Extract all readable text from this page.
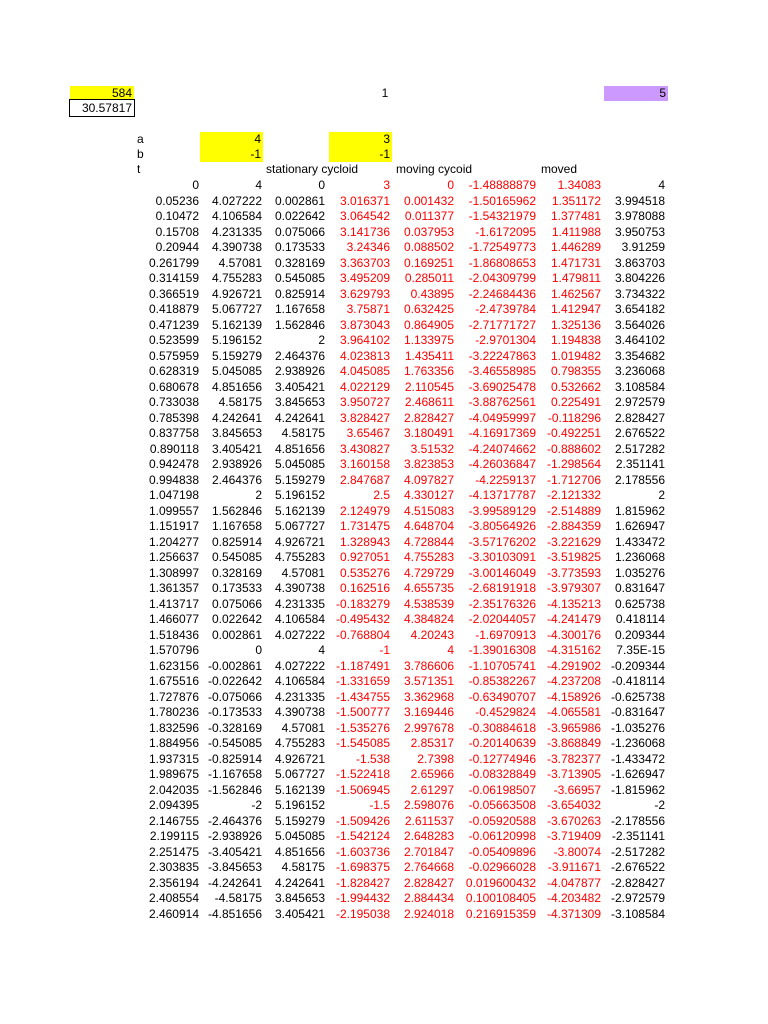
584
30.57817
1	5
a	4	3
b	-1	-1
t	stationary cycloid	moving cycoid	moved
0	4	0	3	0	-1.48888879	1.34083	4
0.05236	4.027222	0.002861	3.016371	0.001432	-1.50165962	1.351172	3.994518
0.10472	4.106584	0.022642	3.064542	0.011377	-1.54321979	1.377481	3.978088
0.15708	4.231335	0.075066	3.141736	0.037953	-1.6172095	1.411988	3.950753
0.20944	4.390738	0.173533	3.24346	0.088502	-1.72549773	1.446289	3.91259
0.261799	4.57081	0.328169	3.363703	0.169251	-1.86808653	1.471731	3.863703
0.314159	4.755283	0.545085	3.495209	0.285011	-2.04309799	1.479811	3.804226
0.366519	4.926721	0.825914	3.629793	0.43895	-2.24684436	1.462567	3.734322
0.418879	5.067727	1.167658	3.75871	0.632425	-2.4739784	1.412947	3.654182
0.471239	5.162139	1.562846	3.873043	0.864905	-2.71771727	1.325136	3.564026
0.523599	5.196152	2	3.964102	1.133975	-2.9701304	1.194838	3.464102
0.575959	5.159279	2.464376	4.023813	1.435411	-3.22247863	1.019482	3.354682
0.628319	5.045085	2.938926	4.045085	1.763356	-3.46558985	0.798355	3.236068
0.680678	4.851656	3.405421	4.022129	2.110545	-3.69025478	0.532662	3.108584
0.733038	4.58175	3.845653	3.950727	2.468611	-3.88762561	0.225491	2.972579
0.785398	4.242641	4.242641	3.828427	2.828427	-4.04959997 -0.118296	2.828427
0.837758	3.845653	4.58175	3.65467	3.180491	-4.16917369 -0.492251	2.676522
0.890118	3.405421	4.851656	3.430827	3.51532	-4.24074662 -0.888602	2.517282
0.942478	2.938926	5.045085	3.160158	3.823853	-4.26036847 -1.298564	2.351141
0.994838	2.464376	5.159279	2.847687	4.097827	-4.2259137 -1.712706	2.178556
1.047198	2	5.196152	2.5	4.330127	-4.13717787 -2.121332	2
1.099557	1.562846	5.162139	2.124979	4.515083	-3.99589129 -2.514889	1.815962
1.151917	1.167658	5.067727	1.731475	4.648704	-3.80564926 -2.884359	1.626947
1.204277	0.825914	4.926721	1.328943	4.728844	-3.57176202 -3.221629	1.433472
1.256637	0.545085	4.755283	0.927051	4.755283	-3.30103091 -3.519825	1.236068
1.308997	0.328169	4.57081	0.535276	4.729729	-3.00146049 -3.773593	1.035276
1.361357	0.173533	4.390738	0.162516	4.655735	-2.68191918 -3.979307	0.831647
1.413717	0.075066	4.231335 -0.183279	4.538539	-2.35176326 -4.135213	0.625738
1.466077	0.022642	4.106584 -0.495432	4.384824	-2.02044057 -4.241479	0.418114
1.518436	0.002861	4.027222 -0.768804	4.20243	-1.6970913 -4.300176	0.209344
1.570796	0	4	-1	4	-1.39016308 -4.315162	7.35E-15
1.623156 -0.002861	4.027222 -1.187491	3.786606	-1.10705741 -4.291902 -0.209344
1.675516 -0.022642	4.106584 -1.331659	3.571351	-0.85382267 -4.237208 -0.418114
1.727876 -0.075066	4.231335 -1.434755	3.362968	-0.63490707 -4.158926 -0.625738
1.780236 -0.173533	4.390738 -1.500777	3.169446	-0.4529824 -4.065581 -0.831647
1.832596 -0.328169	4.57081 -1.535276	2.997678	-0.30884618 -3.965986 -1.035276
1.884956 -0.545085	4.755283 -1.545085	2.85317	-0.20140639 -3.868849 -1.236068
1.937315 -0.825914	4.926721	-1.538	2.7398	-0.12774946 -3.782377 -1.433472
1.989675 -1.167658	5.067727 -1.522418	2.65966	-0.08328849 -3.713905 -1.626947
2.042035 -1.562846	5.162139 -1.506945	2.61297	-0.06198507	-3.66957 -1.815962
2.094395	-2	5.196152	-1.5	2.598076	-0.05663508 -3.654032	-2
2.146755 -2.464376	5.159279 -1.509426	2.611537	-0.05920588 -3.670263 -2.178556
2.199115 -2.938926	5.045085 -1.542124	2.648283	-0.06120998 -3.719409 -2.351141
2.251475 -3.405421	4.851656 -1.603736	2.701847	-0.05409896	-3.80074 -2.517282
2.303835 -3.845653	4.58175 -1.698375	2.764668	-0.02966028 -3.911671 -2.676522
2.356194 -4.242641	4.242641 -1.828427	2.828427 0.019600432 -4.047877 -2.828427
2.408554	-4.58175	3.845653 -1.994432	2.884434 0.100108405 -4.203482 -2.972579
2.460914 -4.851656	3.405421 -2.195038	2.924018 0.216915359 -4.371309 -3.108584
